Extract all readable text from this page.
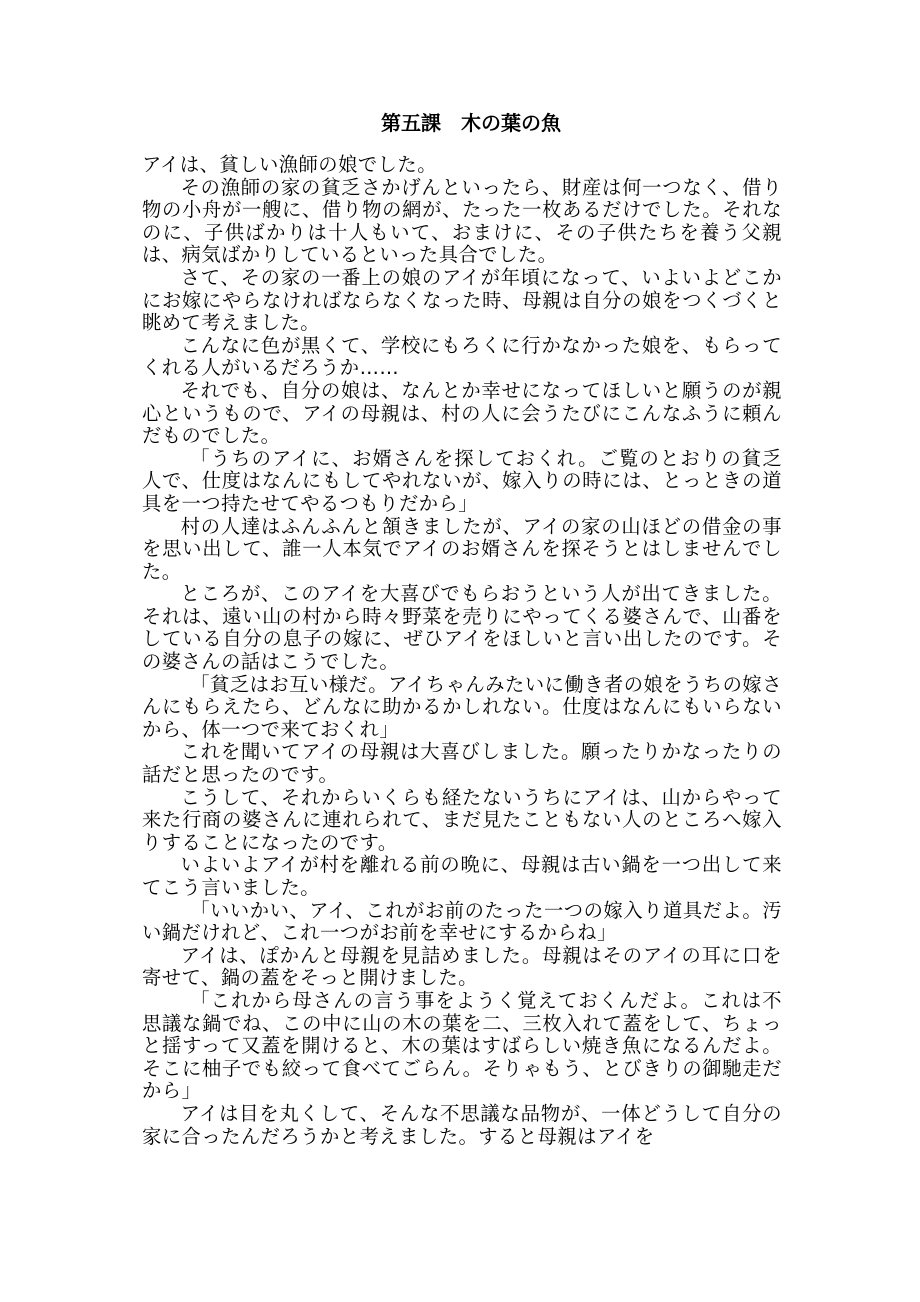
第五課　木の葉の魚

アイは、貧しい漁師の娘でした。

その漁師の家の貧乏さかげんといったら、財産は何一つなく、借り物の小舟が一艘に、借り物の網が、たった一枚あるだけでした。それなのに、子供ばかりは十人もいて、おまけに、その子供たちを養う父親は、病気ばかりしているといった具合でした。

さて、その家の一番上の娘のアイが年頃になって、いよいよどこかにお嫁にやらなければならなくなった時、母親は自分の娘をつくづくと眺めて考えました。

こんなに色が黒くて、学校にもろくに行かなかった娘を、もらってくれる人がいるだろうか……

それでも、自分の娘は、なんとか幸せになってほしいと願うのが親心というもので、アイの母親は、村の人に会うたびにこんなふうに頼んだものでした。

「うちのアイに、お婿さんを探しておくれ。ご覧のとおりの貧乏人で、仕度はなんにもしてやれないが、嫁入りの時には、とっときの道具を一つ持たせてやるつもりだから」

村の人達はふんふんと頷きましたが、アイの家の山ほどの借金の事を思い出して、誰一人本気でアイのお婿さんを探そうとはしませんでした。

ところが、このアイを大喜びでもらおうという人が出てきました。それは、遠い山の村から時々野菜を売りにやってくる婆さんで、山番をしている自分の息子の嫁に、ぜひアイをほしいと言い出したのです。その婆さんの話はこうでした。

「貧乏はお互い様だ。アイちゃんみたいに働き者の娘をうちの嫁さんにもらえたら、どんなに助かるかしれない。仕度はなんにもいらないから、体一つで来ておくれ」

これを聞いてアイの母親は大喜びしました。願ったりかなったりの話だと思ったのです。

こうして、それからいくらも経たないうちにアイは、山からやって来た行商の婆さんに連れられて、まだ見たこともない人のところへ嫁入りすることになったのです。

いよいよアイが村を離れる前の晩に、母親は古い鍋を一つ出して来てこう言いました。

「いいかい、アイ、これがお前のたった一つの嫁入り道具だよ。汚い鍋だけれど、これ一つがお前を幸せにするからね」

アイは、ぽかんと母親を見詰めました。母親はそのアイの耳に口を寄せて、鍋の蓋をそっと開けました。

「これから母さんの言う事をようく覚えておくんだよ。これは不思議な鍋でね、この中に山の木の葉を二、三枚入れて蓋をして、ちょっと揺すって又蓋を開けると、木の葉はすばらしい焼き魚になるんだよ。そこに柚子でも絞って食べてごらん。そりゃもう、とびきりの御馳走だから」

アイは目を丸くして、そんな不思議な品物が、一体どうして自分の家に合ったんだろうかと考えました。すると母親はアイを
